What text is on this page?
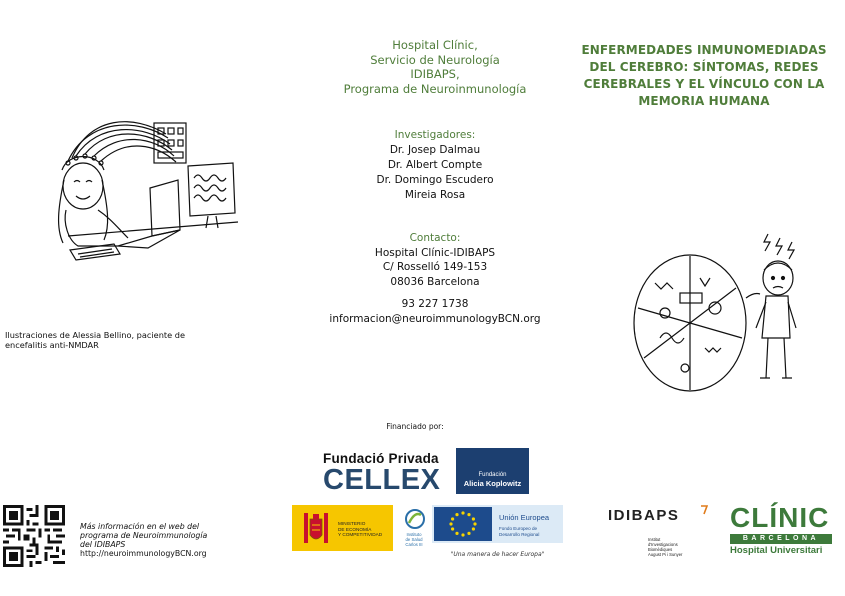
Hospital Clínic,
Servicio de Neurología
IDIBAPS,
Programa de Neuroinmunología
Investigadores:
Dr. Josep Dalmau
Dr. Albert Compte
Dr. Domingo Escudero
Mireia Rosa
Contacto:
Hospital Clínic-IDIBAPS
C/ Rosselló 149-153
08036 Barcelona
93 227 1738
informacion@neuroimmunologyBCN.org
ENFERMEDADES INMUNOMEDIADAS DEL CEREBRO: SÍNTOMAS, REDES CEREBRALES Y EL VÍNCULO CON LA MEMORIA HUMANA
Ilustraciones de Alessia Bellino, paciente de encefalitis anti-NMDAR
Financiado por:
Fundació Privada
CELLEX	Fundación
Alicia Koplowitz
MINISTERIO
DE ECONOMÍA
Y COMPETITIVIDAD	Instituto
de Salud
Carlos III
Unión Europea
Fondo Europeo de
Desarrollo Regional
"Una manera de hacer Europa"
IDIBAPS
Institut
d'Investigacions
Biomèdiques
August Pi i Sunyer
CLÍNIC
BARCELONA
Hospital Universitari
Más información en el web del
programa de Neuroimmunología
del IDIBAPS
http://neuroimmunologyBCN.org
